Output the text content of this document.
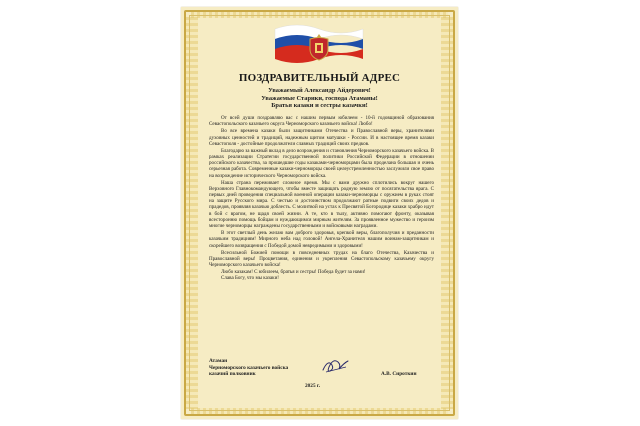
ПОЗДРАВИТЕЛЬНЫЙ АДРЕС
Уважаемый Александр Айдерович!
Уважаемые Старики, господа Атаманы!
Братья казаки и сестры казачки!

От всей души поздравляю вас с нашим первым юбилеем - 10-й годовщиной образования Севастопольского казачьего округа Черноморского казачьего войска! Любо!

Во все времена казаки были защитниками Отечества и Православной веры, хранителями духовных ценностей и традиций, надежным щитом матушки - России. И в настоящее время казаки Севастополя - достойные продолжатели славных традиций своих предков.

Благодарю за важный вклад в дело возрождения и становления Черноморского казачьего войска. В рамках реализации Стратегии государственной политики Российской Федерации в отношении российского казачества, за прошедшие годы казаками-черноморцами была проделана большая и очень серьезная работа. Современные казаки-черноморцы своей целеустремленностью заслужили свое право на возрождение исторического Черноморского войска.

Наша страна переживает сложное время. Мы с вами дружно сплотились вокруг нашего Верховного Главнокомандующего, чтобы вместе защищать родную землю от посягательства врага. С первых дней проведения специальной военной операции казаки-черноморцы с оружием в руках стоят на защите Русского мира. С честью и достоинством продолжают ратные подвиги своих дедов и прадедов, проявляя казачью доблесть. С молитвой на устах к Пресвятой Богородице казаки храбро идут в бой с врагом, не щадя своей жизни. А те, кто в тылу, активно помогают фронту, оказывая всесторонню помощь бойцам и нуждающимся мирным жителям. За проявленное мужество и героизм многие черноморцы награждены государственными и войсковыми наградами.

В этот светлый день желаю вам доброго здоровья, крепкой веры, благополучия и преданности казачьим традициям! Мирного неба над головой! Ангела-Хранителя нашим воинам-защитникам и скорейшего возвращения с Победой домой невредимыми и здоровыми!

Всесильной Божией помощи в повседневных трудах на благо Отечества, Казачества и Православной веры! Процветания, единения и укрепления Севастопольскому казачьему округу Черноморского казачьего войска!

Любо казакам! С юбилеем, братья и сестры! Победа будет за нами!

Слава Богу, что мы казаки!

Атаман
Черноморского казачьего войска
казачий полковник	А.В. Сироткин
2025 г.
